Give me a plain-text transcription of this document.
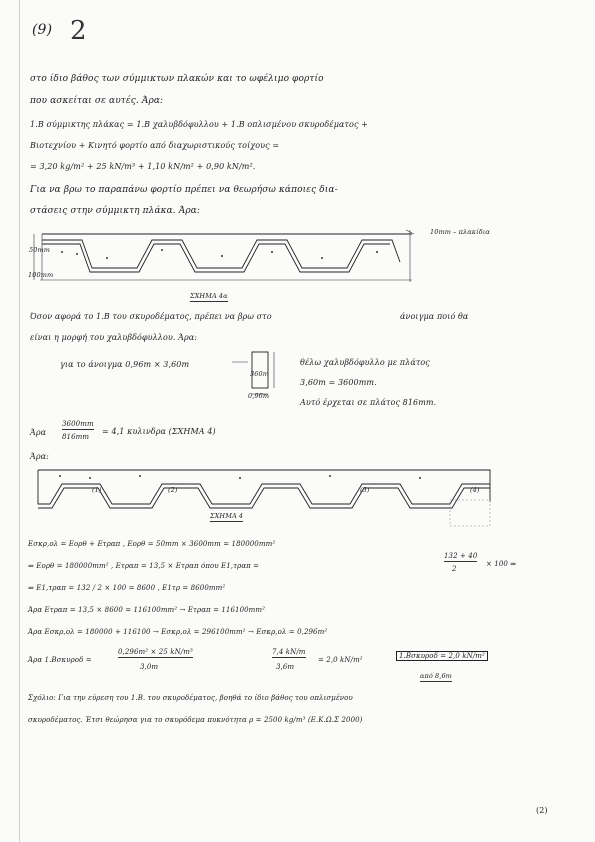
(9) 2
στο ίδιο βάθος των σύμμικτων πλακών και το ωφέλιμο φορτίο
που ασκείται σε αυτές. Άρα:
1.Β σύμμικτης πλάκας = 1.Β χαλυβδόφυλλου + 1.Β οπλισμένου σκυροδέματος +
Βιοτεχνίου + Κινητό φορτίο από διαχωριστικούς τοίχους =
= 3,20 kg/m² + 25 kN/m³ + 1,10 kN/m² + 0,90 kN/m².
Για να βρω το παραπάνω φορτίο πρέπει να θεωρήσω κάποιες δια-
στάσεις στην σύμμικτη πλάκα. Άρα:
10mm – πλακίδια
50mm
100mm
ΣΧΗΜΑ 4α
Όσον αφορά το 1.Β του σκυροδέματος, πρέπει να βρω στο	άνοιγμα ποιό θα
είναι η μορφή του χαλυβδόφυλλου. Άρα:
για το άνοιγμα 0,96m × 3,60m
360m
0,96m
θέλω χαλυβδόφυλλο με πλάτος
3,60m = 3600mm.
Αυτό έρχεται σε πλάτος 816mm.
Άρα
3600mm
816mm
= 4,1 κυλινδρα (ΣΧΗΜΑ 4)
Άρα:
(1)	(2)	(3)	(4)
ΣΧΗΜΑ 4
Εσκρ,ολ = Εορθ + Ετραπ , Εορθ = 50mm × 3600mm = 180000mm²
⇒ Εορθ = 180000mm² , Ετραπ = 13,5 × Ετραπ όπου Ε1,τραπ =
132 + 40
2
× 100 ⇒
⇒ Ε1,τραπ = 132 / 2 × 100 = 8600 , Ε1τρ = 8600mm²
Άρα Ετραπ = 13,5 × 8600 = 116100mm² → Ετραπ = 116100mm²
Άρα Εσκρ,ολ = 180000 + 116100 → Εσκρ,ολ = 296100mm² → Εσκρ,ολ = 0,296m²
Άρα 1.Βσκυροδ =
0,296m² × 25 kN/m³
3,0m
7,4 kN/m
3,6m
= 2,0 kN/m²	1.Βσκυροδ = 2,0 kN/m²
από 8,6m
Σχόλιο: Για την εύρεση του 1.Β. του σκυροδέματος, βοηθά το ίδιο βάθος του οπλισμένου
σκυροδέματος. Έτσι θεώρησα για το σκυρόδεμα πυκνότητα ρ = 2500 kg/m³ (Ε.Κ.Ω.Σ 2000)
(2)
